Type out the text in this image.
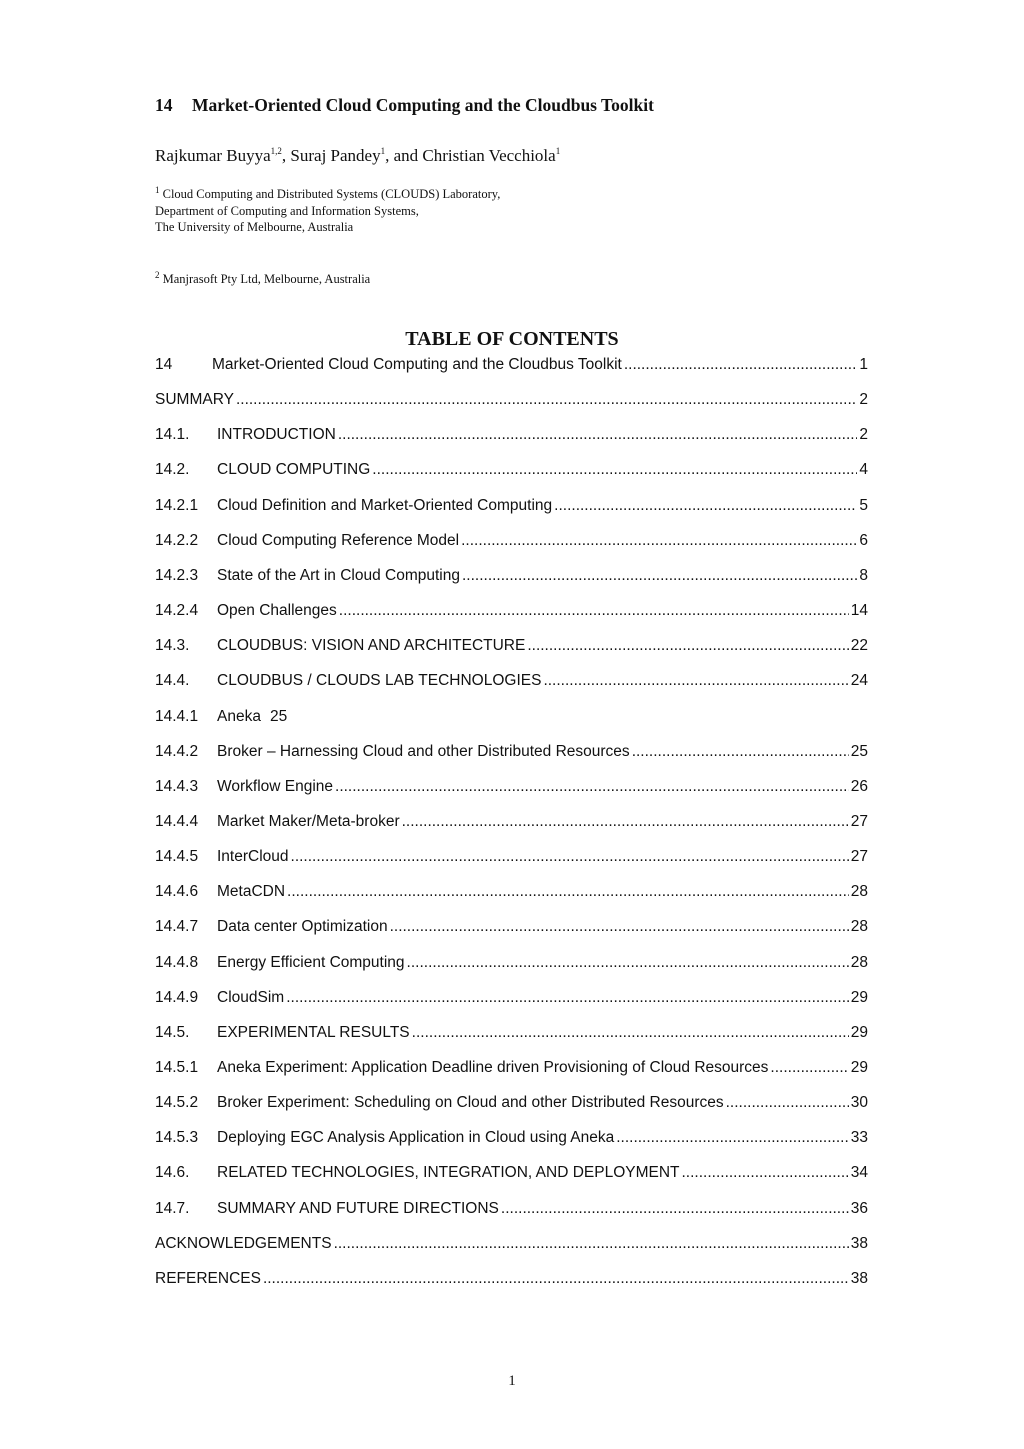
14 Market-Oriented Cloud Computing and the Cloudbus Toolkit
Rajkumar Buyya$^{1,2}$, Suraj Pandey$^1$, and Christian Vecchiola$^1$
$^1$ Cloud Computing and Distributed Systems (CLOUDS) Laboratory,
Department of Computing and Information Systems,
The University of Melbourne, Australia
$^2$ Manjrasoft Pty Ltd, Melbourne, Australia
TABLE OF CONTENTS
14	Market-Oriented Cloud Computing and the Cloudbus Toolkit .....	1
SUMMARY .....	2
14.1.	INTRODUCTION .....	2
14.2.	CLOUD COMPUTING .....	4
14.2.1	Cloud Definition and Market-Oriented Computing .....	5
14.2.2	Cloud Computing Reference Model .....	6
14.2.3	State of the Art in Cloud Computing .....	8
14.2.4	Open Challenges .....	14
14.3.	CLOUDBUS: VISION AND ARCHITECTURE .....	22
14.4.	CLOUDBUS / CLOUDS LAB TECHNOLOGIES .....	24
14.4.1	Aneka 25
14.4.2	Broker – Harnessing Cloud and other Distributed Resources .....	25
14.4.3	Workflow Engine .....	26
14.4.4	Market Maker/Meta-broker .....	27
14.4.5	InterCloud .....	27
14.4.6	MetaCDN .....	28
14.4.7	Data center Optimization .....	28
14.4.8	Energy Efficient Computing .....	28
14.4.9	CloudSim .....	29
14.5.	EXPERIMENTAL RESULTS .....	29
14.5.1	Aneka Experiment: Application Deadline driven Provisioning of Cloud Resources .....	29
14.5.2	Broker Experiment: Scheduling on Cloud and other Distributed Resources .....	30
14.5.3	Deploying EGC Analysis Application in Cloud using Aneka .....	33
14.6.	RELATED TECHNOLOGIES, INTEGRATION, AND DEPLOYMENT .....	34
14.7.	SUMMARY AND FUTURE DIRECTIONS .....	36
ACKNOWLEDGEMENTS .....	38
REFERENCES .....	38
1
